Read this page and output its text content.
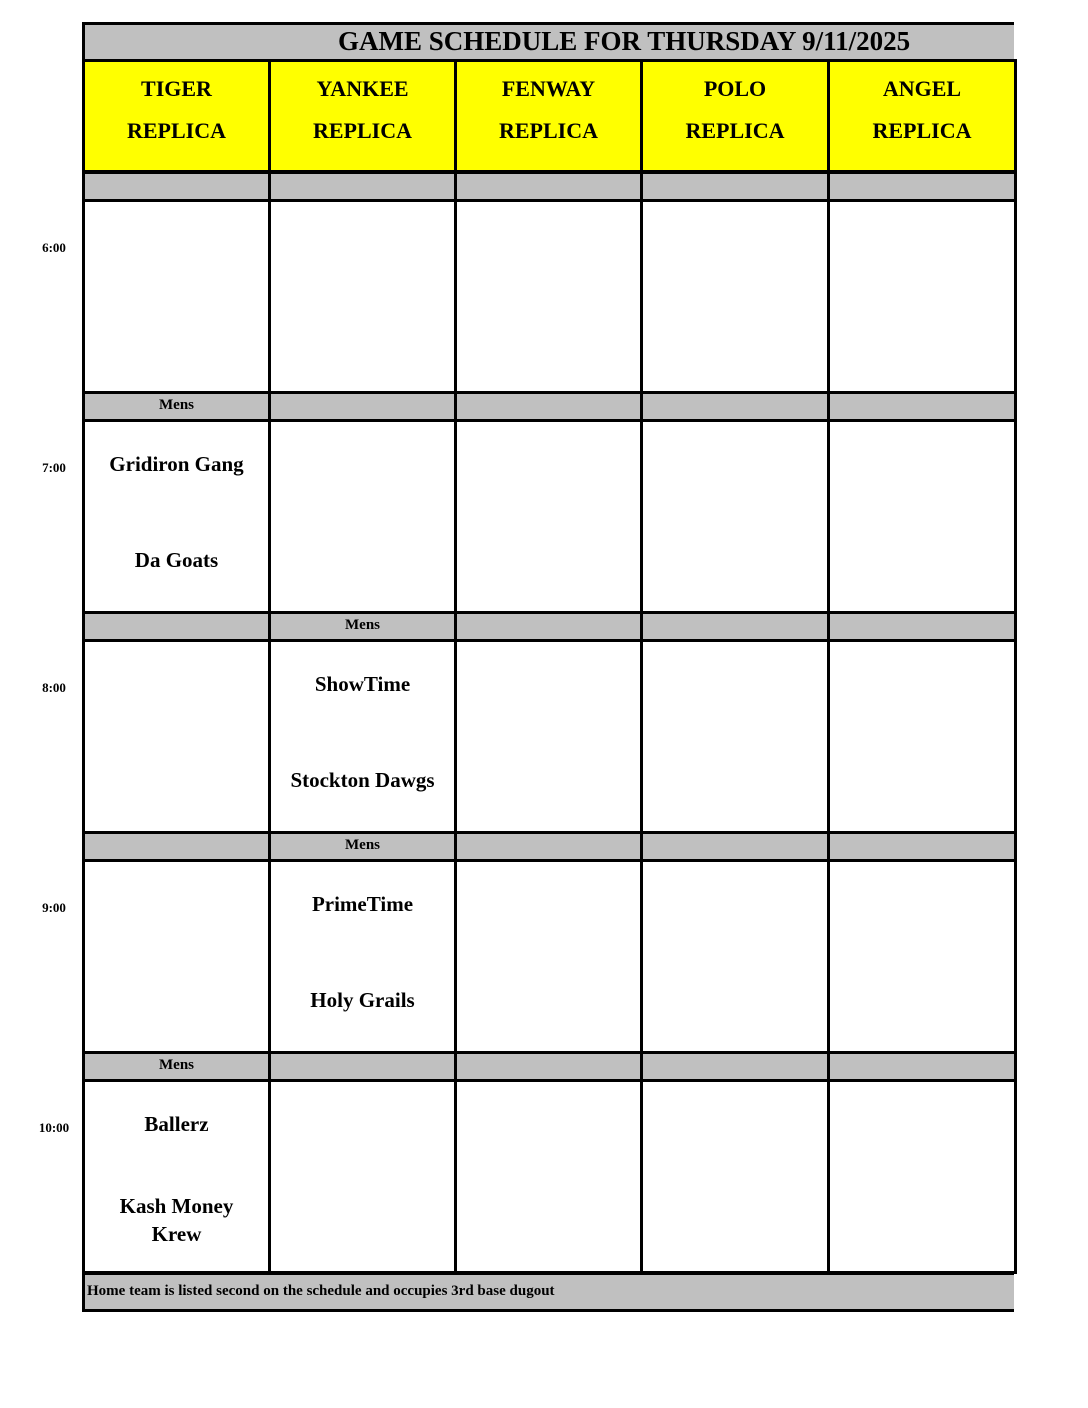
GAME SCHEDULE FOR THURSDAY 9/11/2025
TIGER
REPLICA
YANKEE
REPLICA
FENWAY
REPLICA
POLO
REPLICA
ANGEL
REPLICA
6:00
Mens
Gridiron Gang
Da Goats
7:00
Mens
ShowTime
Stockton Dawgs
8:00
Mens
PrimeTime
Holy Grails
9:00
Mens
Ballerz
Kash Money
Krew
10:00
Home team is listed second on the schedule and occupies 3rd base dugout
